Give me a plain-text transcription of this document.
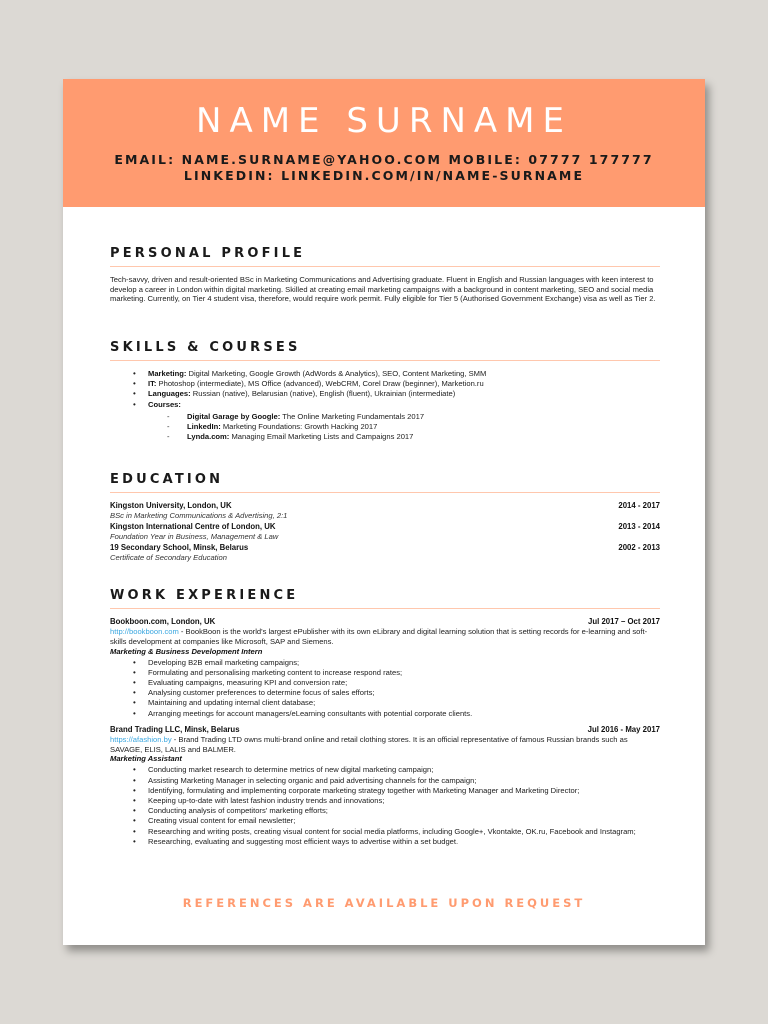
NAME SURNAME
EMAIL: NAME.SURNAME@YAHOO.COM MOBILE: 07777 177777
LINKEDIN: LINKEDIN.COM/IN/NAME-SURNAME
PERSONAL PROFILE
Tech-savvy, driven and result-oriented BSc in Marketing Communications and Advertising graduate. Fluent in English and Russian languages with keen interest to develop a career in London within digital marketing. Skilled at creating email marketing campaigns with a background in content marketing, SEO and social media marketing. Currently, on Tier 4 student visa, therefore, would require work permit. Fully eligible for Tier 5 (Authorised Government Exchange) visa as well as Tier 2.
SKILLS & COURSES
• Marketing: Digital Marketing, Google Growth (AdWords & Analytics), SEO, Content Marketing, SMM
• IT: Photoshop (intermediate), MS Office (advanced), WebCRM, Corel Draw (beginner), Marketion.ru
• Languages: Russian (native), Belarusian (native), English (fluent), Ukrainian (intermediate)
• Courses:
- Digital Garage by Google: The Online Marketing Fundamentals 2017
- LinkedIn: Marketing Foundations: Growth Hacking 2017
- Lynda.com: Managing Email Marketing Lists and Campaigns 2017
EDUCATION
Kingston University, London, UK	2014 - 2017
BSc in Marketing Communications & Advertising, 2:1
Kingston International Centre of London, UK	2013 - 2014
Foundation Year in Business, Management & Law
19 Secondary School, Minsk, Belarus	2002 - 2013
Certificate of Secondary Education
WORK EXPERIENCE
Bookboon.com, London, UK	Jul 2017 – Oct 2017
http://bookboon.com - BookBoon is the world's largest ePublisher with its own eLibrary and digital learning solution that is setting records for e-learning and soft-skills development at companies like Microsoft, SAP and Siemens.
Marketing & Business Development Intern
• Developing B2B email marketing campaigns;
• Formulating and personalising marketing content to increase respond rates;
• Evaluating campaigns, measuring KPI and conversion rate;
• Analysing customer preferences to determine focus of sales efforts;
• Maintaining and updating internal client database;
• Arranging meetings for account managers/eLearning consultants with potential corporate clients.
Brand Trading LLC, Minsk, Belarus	Jul 2016 - May 2017
https://afashion.by - Brand Trading LTD owns multi-brand online and retail clothing stores. It is an official representative of famous Russian brands such as SAVAGE, ELIS, LALIS and BALMER.
Marketing Assistant
• Conducting market research to determine metrics of new digital marketing campaign;
• Assisting Marketing Manager in selecting organic and paid advertising channels for the campaign;
• Identifying, formulating and implementing corporate marketing strategy together with Marketing Manager and Marketing Director;
• Keeping up-to-date with latest fashion industry trends and innovations;
• Conducting analysis of competitors' marketing efforts;
• Creating visual content for email newsletter;
• Researching and writing posts, creating visual content for social media platforms, including Google+, Vkontakte, OK.ru, Facebook and Instagram;
• Researching, evaluating and suggesting most efficient ways to advertise within a set budget.
REFERENCES ARE AVAILABLE UPON REQUEST
